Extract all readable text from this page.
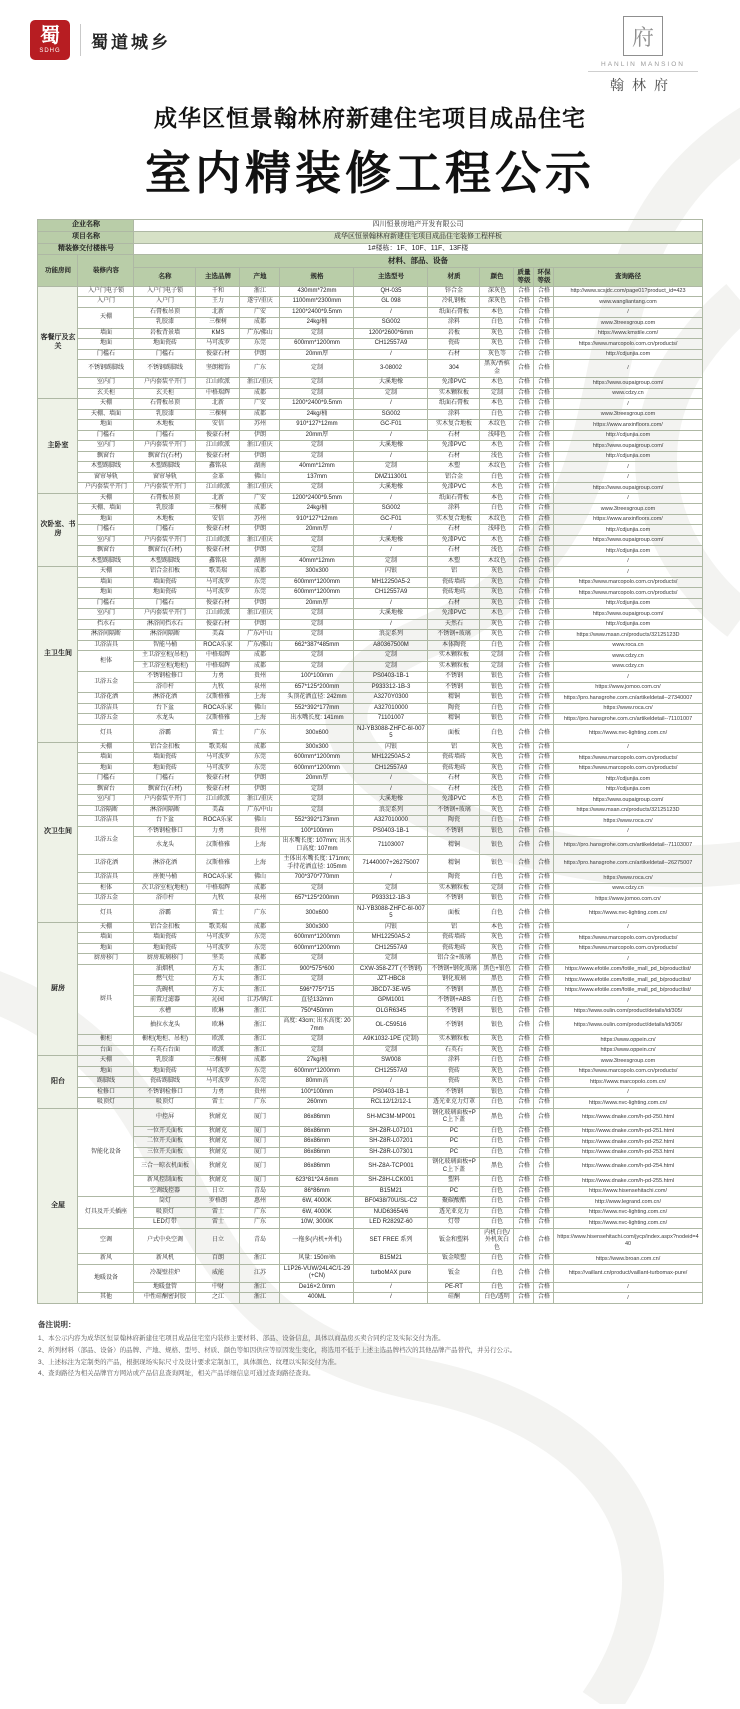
蜀
SDHG 蜀道城乡	府
HANLIN MANSION
翰林府
成华区恒景翰林府新建住宅项目成品住宅
室内精装修工程公示
企业名称		四川恒景房地产开发有限公司									
项目名称		成华区恒景翰林府新建住宅项目成品住宅装修工程样板									
精装修交付楼栋号		1#楼栋：1F、10F、11F、13F楼									
功能房间	装修内容	材料、部品、设备									
		名称	主选品牌	产地	规格	主选型号	材质	颜色	质量等级	环保等级	查询路径
客餐厅及玄关	入户门电子锁	入户门电子锁	千和	浙江	430mm*72mm	QH-035	锌合金	深灰色	合格	合格	http://www.scsjdc.com/page01?product_id=423
	入户门	入户门	王力	遂宁/重庆	1100mm*2300mm	GL 098	冷轧钢板	深灰色	合格	合格	www.wangliantang.com
	天棚	石膏板吊顶	北新	广安	1200*2400*9.5mm	/	纸面石膏板	本色	合格	合格	/
		乳胶漆	三棵树	成都	24kg/桶	SG002	涂料	白色	合格	合格	www.3treesgroup.com
	墙面	岩板背景墙	KMS	广东/佛山	定制	1200*2600*6mm	岩板	灰色	合格	合格	https://www.kmstile.com/
	地面	地面瓷砖	马可波罗	东莞	600mm*1200mm	CH12557A9	瓷砖	灰色	合格	合格	https://www.marcopolo.com.cn/products/
	门槛石	门槛石	俊豪石材	伊朗	20mm厚	/	石材	灰色等	合格	合格	http://cdjunjia.com
	不锈钢踢脚线	不锈钢踢脚线	坚朗精饰	广东	定制	3-08002	304	黑灰/香槟金	合格	合格	/
	室内门	户内套装平开门	江山欧派	浙江/重庆	定制	大溪地橡	免漆PVC	木色	合格	合格	https://www.oupaigroup.com/
	玄关柜	玄关柜	中格瑞辉	成都	定制	定制	实木颗粒板	定制	合格	合格	www.cdzy.cn
主卧室	天棚	石膏板吊顶	北新	广安	1200*2400*9.5mm	/	纸面石膏板	本色	合格	合格	/
	天棚、墙面	乳胶漆	三棵树	成都	24kg/桶	SG002	涂料	白色	合格	合格	www.3treesgroup.com
	地面	木地板	安信	苏州	910*127*12mm	GC-F01	实木复合地板	木纹色	合格	合格	https://www.anxinfloors.com/
	门槛石	门槛石	俊豪石材	伊朗	20mm厚	/	石材	浅啡色	合格	合格	http://cdjunjia.com
	室内门	户内套装平开门	江山欧派	浙江/重庆	定制	大溪地橡	免漆PVC	木色	合格	合格	https://www.oupaigroup.com/
	飘窗台	飘窗台(石材)	俊豪石材	伊朗	定制	/	石材	浅色	合格	合格	http://cdjunjia.com
	木塑踢脚线	木塑踢脚线	鑫铭泉	湖南	40mm*12mm	定制	木塑	木纹色	合格	合格	/
	窗帘导轨	窗帘导轨	金革	佛山	137mm	DMZ113001	铝合金	白色	合格	合格	/
	户内套装平开门	户内套装平开门	江山欧派	浙江/重庆	定制	大溪地橡	免漆PVC	木色	合格	合格	https://www.oupaigroup.com/
次卧室、书房	天棚	石膏板吊顶	北新	广安	1200*2400*9.5mm	/	纸面石膏板	本色	合格	合格	/
	天棚、墙面	乳胶漆	三棵树	成都	24kg/桶	SG002	涂料	白色	合格	合格	www.3treesgroup.com
	地面	木地板	安信	苏州	910*127*12mm	GC-F01	实木复合地板	木纹色	合格	合格	https://www.anxinfloors.com/
	门槛石	门槛石	俊豪石材	伊朗	20mm厚	/	石材	浅啡色	合格	合格	http://cdjunjia.com
	室内门	户内套装平开门	江山欧派	浙江/重庆	定制	大溪地橡	免漆PVC	木色	合格	合格	https://www.oupaigroup.com/
	飘窗台	飘窗台(石材)	俊豪石材	伊朗	定制	/	石材	浅色	合格	合格	http://cdjunjia.com
	木塑踢脚线	木塑踢脚线	鑫铭泉	湖南	40mm*12mm	定制	木塑	木纹色	合格	合格	/
主卫生间	天棚	铝合金扣板	歌美瑞	成都	300x300	闪银	铝	灰色	合格	合格	/
	墙面	墙面瓷砖	马可波罗	东莞	600mm*1200mm	MH12250A5-2	瓷砖墙砖	灰色	合格	合格	https://www.marcopolo.com.cn/products/
	地面	地面瓷砖	马可波罗	东莞	600mm*1200mm	CH12557A9	瓷砖地砖	灰色	合格	合格	https://www.marcopolo.com.cn/products/
	门槛石	门槛石	俊豪石材	伊朗	20mm厚	/	石材	灰色	合格	合格	http://cdjunjia.com
	室内门	户内套装平开门	江山欧派	浙江/重庆	定制	大溪地橡	免漆PVC	木色	合格	合格	https://www.oupaigroup.com/
	挡水石	淋浴间挡水石	俊豪石材	伊朗	定制	/	天然石	灰色	合格	合格	http://cdjunjia.com
	淋浴间隔断	淋浴间隔断	美森	广东/中山	定制	浪淀系列	不锈钢+玻璃	灰色	合格	合格	https://www.msan.cn/products/32125123D
	卫浴洁具	智能马桶	ROCA乐家	广东/佛山	662*387*485mm	A80367500M	本体陶瓷	白色	合格	合格	www.roca.cn
	柜体	主卫浴室柜(吊柜)	中格瑞辉	成都	定制	定制	实木颗粒板	定制	合格	合格	www.cdzy.cn
		主卫浴室柜(地柜)	中格瑞辉	成都	定制	定制	实木颗粒板	定制	合格	合格	www.cdzy.cn
	卫浴五金	不锈钢检修口	力勇	贵州	100*100mm	PS0403-1B-1	不锈钢	银色	合格	合格	/
		浴巾杆	九牧	泉州	657*125*200mm	P933312-1B-3	不锈钢	银色	合格	合格	https://www.jomoo.com.cn/
	卫浴花洒	淋浴花洒	汉斯格雅	上海	头顶花洒直径: 242mm	A3270Y0300	精铜	银色	合格	合格	https://pro.hansgrohe.com.cn/artikeldetail--27340007
	卫浴洁具	台下盆	ROCA乐家	佛山	552*392*177mm	A327010000	陶瓷	白色	合格	合格	https://www.roca.cn/
	卫浴五金	水龙头	汉斯格雅	上海	出水嘴长度: 141mm	71101007	精铜	银色	合格	合格	https://pro.hansgrohe.com.cn/artikeldetail--71101007
	灯具	浴霸	雷士	广东	300x600	NJ-YB3088-ZHFC-6I-0075	面板	白色	合格	合格	https://www.nvc-lighting.com.cn/
次卫生间	天棚	铝合金扣板	歌美瑞	成都	300x300	闪银	铝	灰色	合格	合格	/
	墙面	墙面瓷砖	马可波罗	东莞	600mm*1200mm	MH12250A5-2	瓷砖墙砖	灰色	合格	合格	https://www.marcopolo.com.cn/products/
	地面	地面瓷砖	马可波罗	东莞	600mm*1200mm	CH12557A9	瓷砖地砖	灰色	合格	合格	https://www.marcopolo.com.cn/products/
	门槛石	门槛石	俊豪石材	伊朗	20mm厚	/	石材	灰色	合格	合格	http://cdjunjia.com
	飘窗台	飘窗台(石材)	俊豪石材	伊朗	定制	/	石材	浅色	合格	合格	http://cdjunjia.com
	室内门	户内套装平开门	江山欧派	浙江/重庆	定制	大溪地橡	免漆PVC	木色	合格	合格	https://www.oupaigroup.com/
	卫浴隔断	淋浴间隔断	美森	广东/中山	定制	浪淀系列	不锈钢+玻璃	灰色	合格	合格	https://www.msan.cn/products/32125123D
	卫浴洁具	台下盆	ROCA乐家	佛山	552*392*173mm	A327010000	陶瓷	白色	合格	合格	https://www.roca.cn/
	卫浴五金	不锈钢检修口	力勇	贵州	100*100mm	PS0403-1B-1	不锈钢	银色	合格	合格	/
		水龙头	汉斯格雅	上海	出水嘴长度: 107mm; 出水口高度: 107mm	71103007	精铜	银色	合格	合格	https://pro.hansgrohe.com.cn/artikeldetail--71103007
	卫浴花洒	淋浴花洒	汉斯格雅	上海	主体出水嘴长度: 171mm; 手持花洒直径: 105mm	71440007+26275007	精铜	银色	合格	合格	https://pro.hansgrohe.com.cn/artikeldetail--26275007
	卫浴洁具	座便马桶	ROCA乐家	佛山	700*370*770mm	/	陶瓷	白色	合格	合格	https://www.roca.cn/
	柜体	次卫浴室柜(地柜)	中格瑞辉	成都	定制	定制	实木颗粒板	定制	合格	合格	www.cdzy.cn
	卫浴五金	浴巾杆	九牧	泉州	657*125*200mm	P933312-1B-3	不锈钢	银色	合格	合格	https://www.jomoo.com.cn/
	灯具	浴霸	雷士	广东	300x600	NJ-YB3088-ZHFC-6I-0075	面板	白色	合格	合格	https://www.nvc-lighting.com.cn/
厨房	天棚	铝合金扣板	歌美瑞	成都	300x300	闪银	铝	本色	合格	合格	/
	墙面	墙面瓷砖	马可波罗	东莞	600mm*1200mm	MH12250A5-2	瓷砖墙砖	灰色	合格	合格	https://www.marcopolo.com.cn/products/
	地面	地面瓷砖	马可波罗	东莞	600mm*1200mm	CH12557A9	瓷砖地砖	灰色	合格	合格	https://www.marcopolo.com.cn/products/
	厨房移门	厨房玻璃移门	坚美	成都	定制	定制	铝合金+玻璃	黑色	合格	合格	/
	厨具	油烟机	方太	浙江	900*575*600	CXW-358-Z7T (不锈钢)	不锈钢+钢化玻璃	黑色+银色	合格	合格	https://www.efotile.com/fotile_mall_pd_b/productlist/
		燃气灶	方太	浙江	定制	JZT-HBC8	钢化玻璃	黑色	合格	合格	https://www.efotile.com/fotile_mall_pd_b/productlist/
		洗碗机	方太	浙江	596*775*715	JBCD7-3E-W5	不锈钢	黑色	合格	合格	https://www.efotile.com/fotile_mall_pd_b/productlist/
		前置过滤器	沁园	江苏/镇江	直径132mm	GPM1001	不锈钢+ABS	白色	合格	合格	/
		水槽	欧琳	浙江	750*450mm	OLGR6345	不锈钢	银色	合格	合格	https://www.oulin.com/product/details/id/305/
		抽拉水龙头	欧琳	浙江	高度: 43cm; 出水高度: 207mm	OL-C59516	不锈钢	银色	合格	合格	https://www.oulin.com/product/details/id/305/
	橱柜	橱柜(地柜、吊柜)	欧派	浙江	定制	A9K1032-1PE (定制)	实木颗粒板	灰色	合格	合格	https://www.oppein.cn/
	台面	石英石台面	欧派	浙江	定制	定制	石英石	灰色	合格	合格	https://www.oppein.cn/
阳台	天棚	乳胶漆	三棵树	成都	27kg/桶	SW008	涂料	白色	合格	合格	www.3treesgroup.com
	地面	地面瓷砖	马可波罗	东莞	600mm*1200mm	CH12557A9	瓷砖	灰色	合格	合格	https://www.marcopolo.com.cn/products/
	踢脚线	瓷砖踢脚线	马可波罗	东莞	80mm高	/	瓷砖	灰色	合格	合格	https://www.marcopolo.com.cn/
	检修口	不锈钢检修口	力勇	贵州	100*100mm	PS0403-1B-1	不锈钢	银色	合格	合格	/
	吸顶灯	吸顶灯	雷士	广东	260mm	RCL12/12/12-1	透光亚克力灯罩	白色	合格	合格	https://www.nvc-lighting.com.cn/
全屋	智能化设备	中控屏	狄耐克	厦门	86x86mm	SH-MC3M-MP001	钢化玻璃面板+PC上下盖	黑色	合格	合格	https://www.dnake.com/h-pd-250.html
		一位开关面板	狄耐克	厦门	86x86mm	SH-Z8R-L07101	PC	白色	合格	合格	https://www.dnake.com/h-pd-251.html
		二位开关面板	狄耐克	厦门	86x86mm	SH-Z8R-L07201	PC	白色	合格	合格	https://www.dnake.com/h-pd-252.html
		三位开关面板	狄耐克	厦门	86x86mm	SH-Z8R-L07301	PC	白色	合格	合格	https://www.dnake.com/h-pd-253.html
		三合一晾衣机面板	狄耐克	厦门	86x86mm	SH-Z8A-TCP001	钢化玻璃面板+PC上下盖	黑色	合格	合格	https://www.dnake.com/h-pd-254.html
		新风控制面板	狄耐克	厦门	623*81*24.6mm	SH-Z8H-LCK001	塑料	白色	合格	合格	https://www.dnake.com/h-pd-255.html
		空调线控器	日立	青岛	86*86mm	B15M21	PC	白色	合格	合格	https://www.hisensehitachi.com/
	灯具及开关插座	筒灯	罗格朗	惠州	6W, 4000K	BF0438/70U/SL-C2	聚碳酸酯	白色	合格	合格	http://www.legrand.com.cn/
		吸顶灯	雷士	广东	6W, 4000K	NUD63654/6	透光亚克力	白色	合格	合格	https://www.nvc-lighting.com.cn/
		LED灯带	雷士	广东	10W, 3000K	LED R2829Z-60	灯带	白色	合格	合格	https://www.nvc-lighting.com.cn/
	空调	户式中央空调	日立	青岛	一拖多(内机+外机)	SET FREE 系列	钣金和塑料	内机白色/外机灰白色	合格	合格	https://www.hisensehitachi.com/jycp/index.aspx?nodeid=440
	新风	新风机	百朗	浙江	风量: 150m³/h	B15M21	钣金喷塑	白色	合格	合格	https://www.broan.com.cn/
	地暖设备	冷凝壁挂炉	威能	江苏	L1P26-VUW/24L4C/1-29(+CN)	turboMAX pure	钣金	白色	合格	合格	https://vaillant.cn/product/vaillant-turbomax-pure/
		地暖盘管	中财	浙江	De16×2.0mm	/	PE-RT	白色	合格	合格	/
	其他	中性硅酮密封胶	之江	浙江	400ML	/	硅酮	白色/透明	合格	合格	/
备注说明：
1、本公示内容为成华区恒景翰林府新建住宅项目成品住宅室内装修主要材料、部品、设备信息，具体以商品房买卖合同约定及实际交付为准。
2、所列材料（部品、设备）的品牌、产地、规格、型号、材质、颜色等如因供应等原因发生变化，将选用不低于上述主选品牌档次的其他品牌产品替代，并另行公示。
3、上述标注为定制类的产品，根据现场实际尺寸及设计要求定制加工，具体颜色、纹理以实际交付为准。
4、查询路径为相关品牌官方网站或产品信息查询网址，相关产品详细信息可通过查询路径查询。
